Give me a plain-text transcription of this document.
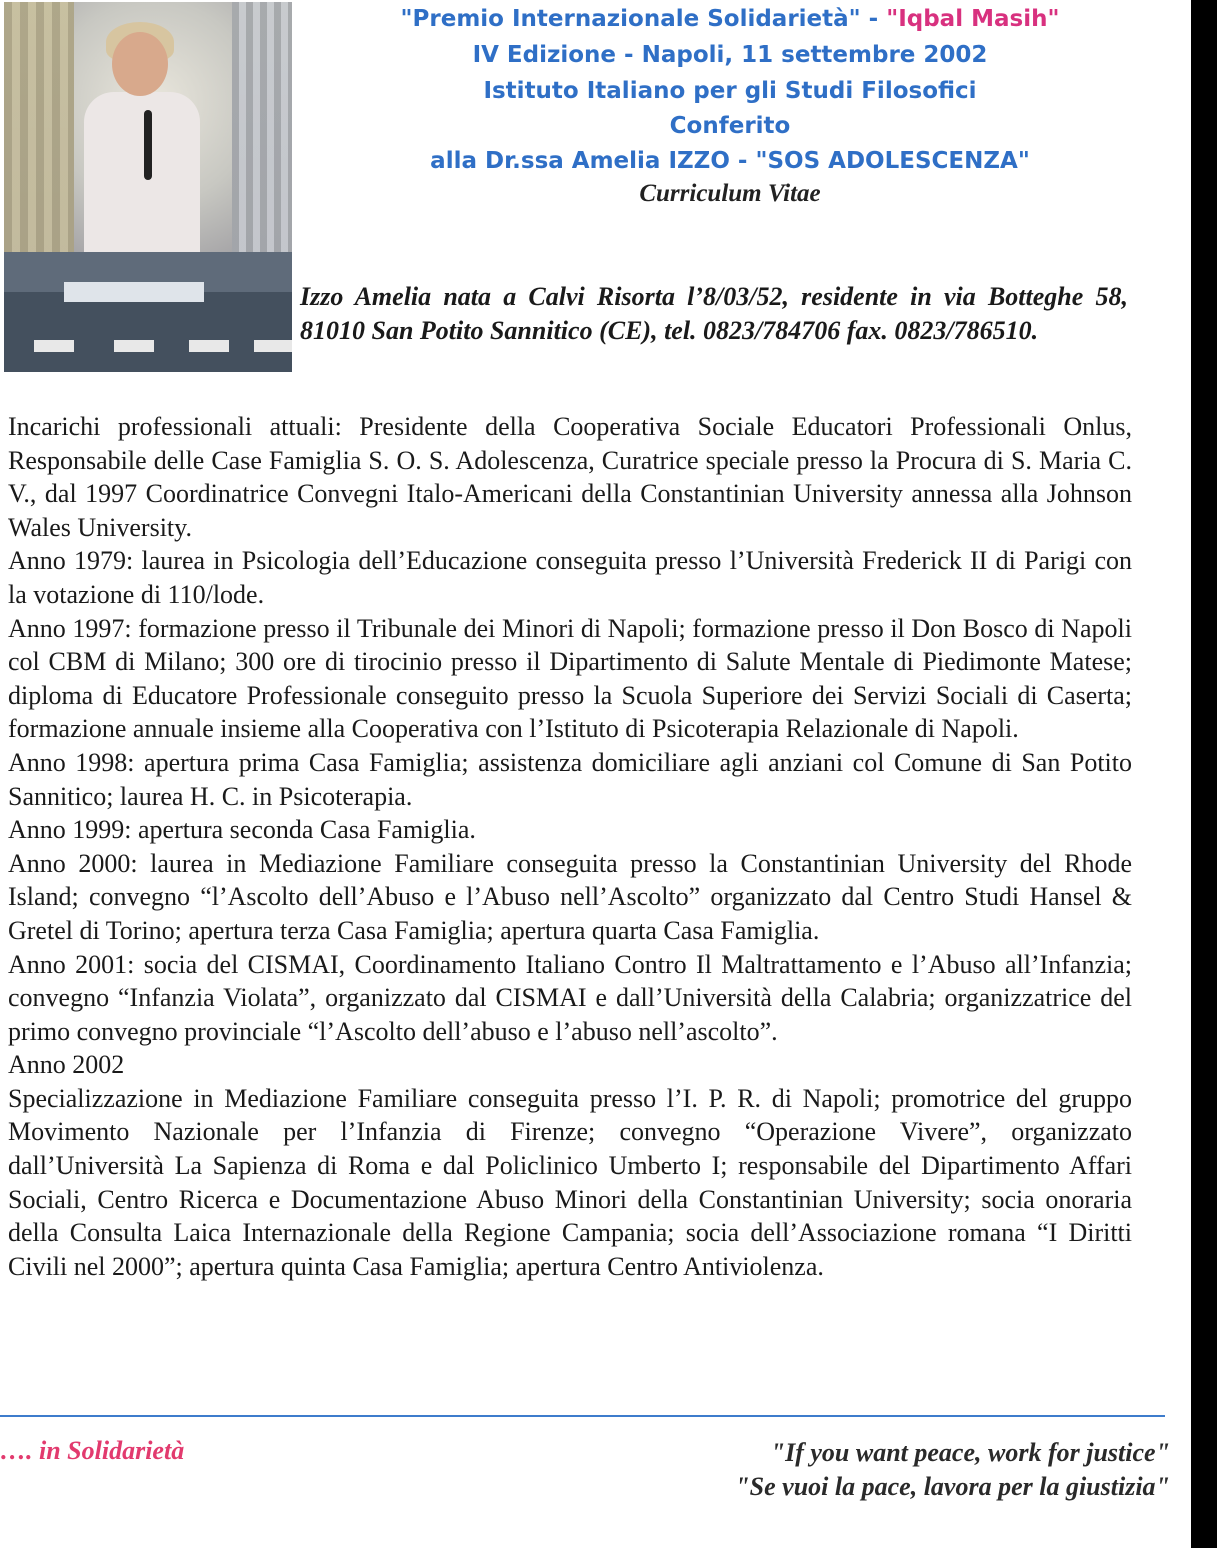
"Premio Internazionale Solidarietà" - "Iqbal Masih"
IV Edizione - Napoli, 11 settembre 2002
Istituto Italiano per gli Studi Filosofici
Conferito
alla Dr.ssa Amelia IZZO - "SOS ADOLESCENZA"
Curriculum Vitae
Izzo Amelia nata a Calvi Risorta l’8/03/52, residente in via Botteghe 58, 81010 San Potito Sannitico (CE), tel. 0823/784706 fax. 0823/786510.

Incarichi professionali attuali: Presidente della Cooperativa Sociale Educatori Professionali Onlus, Responsabile delle Case Famiglia S. O. S. Adolescenza, Curatrice speciale presso la Procura di S. Maria C. V., dal 1997 Coordinatrice Convegni Italo-Americani della Constantinian University annessa alla Johnson Wales University.

Anno 1979: laurea in Psicologia dell’Educazione conseguita presso l’Università Frederick II di Parigi con la votazione di 110/lode.

Anno 1997: formazione presso il Tribunale dei Minori di Napoli; formazione presso il Don Bosco di Napoli col CBM di Milano; 300 ore di tirocinio presso il Dipartimento di Salute Mentale di Piedimonte Matese; diploma di Educatore Professionale conseguito presso la Scuola Superiore dei Servizi Sociali di Caserta; formazione annuale insieme alla Cooperativa con l’Istituto di Psicoterapia Relazionale di Napoli.

Anno 1998: apertura prima Casa Famiglia; assistenza domiciliare agli anziani col Comune di San Potito Sannitico; laurea H. C. in Psicoterapia.

Anno 1999: apertura seconda Casa Famiglia.

Anno 2000: laurea in Mediazione Familiare conseguita presso la Constantinian University del Rhode Island; convegno “l’Ascolto dell’Abuso e l’Abuso nell’Ascolto” organizzato dal Centro Studi Hansel & Gretel di Torino; apertura terza Casa Famiglia; apertura quarta Casa Famiglia.

Anno 2001: socia del CISMAI, Coordinamento Italiano Contro Il Maltrattamento e l’Abuso all’Infanzia; convegno “Infanzia Violata”, organizzato dal CISMAI e dall’Università della Calabria; organizzatrice del primo convegno provinciale “l’Ascolto dell’abuso e l’abuso nell’ascolto”.

Anno 2002

Specializzazione in Mediazione Familiare conseguita presso l’I. P. R. di Napoli; promotrice del gruppo Movimento Nazionale per l’Infanzia di Firenze; convegno “Operazione Vivere”, organizzato dall’Università La Sapienza di Roma e dal Policlinico Umberto I; responsabile del Dipartimento Affari Sociali, Centro Ricerca e Documentazione Abuso Minori della Constantinian University; socia onoraria della Consulta Laica Internazionale della Regione Campania; socia dell’Associazione romana “I Diritti Civili nel 2000”; apertura quinta Casa Famiglia; apertura Centro Antiviolenza.

…. in Solidarietà	"If you want peace, work for justice"
"Se vuoi la pace, lavora per la giustizia"
